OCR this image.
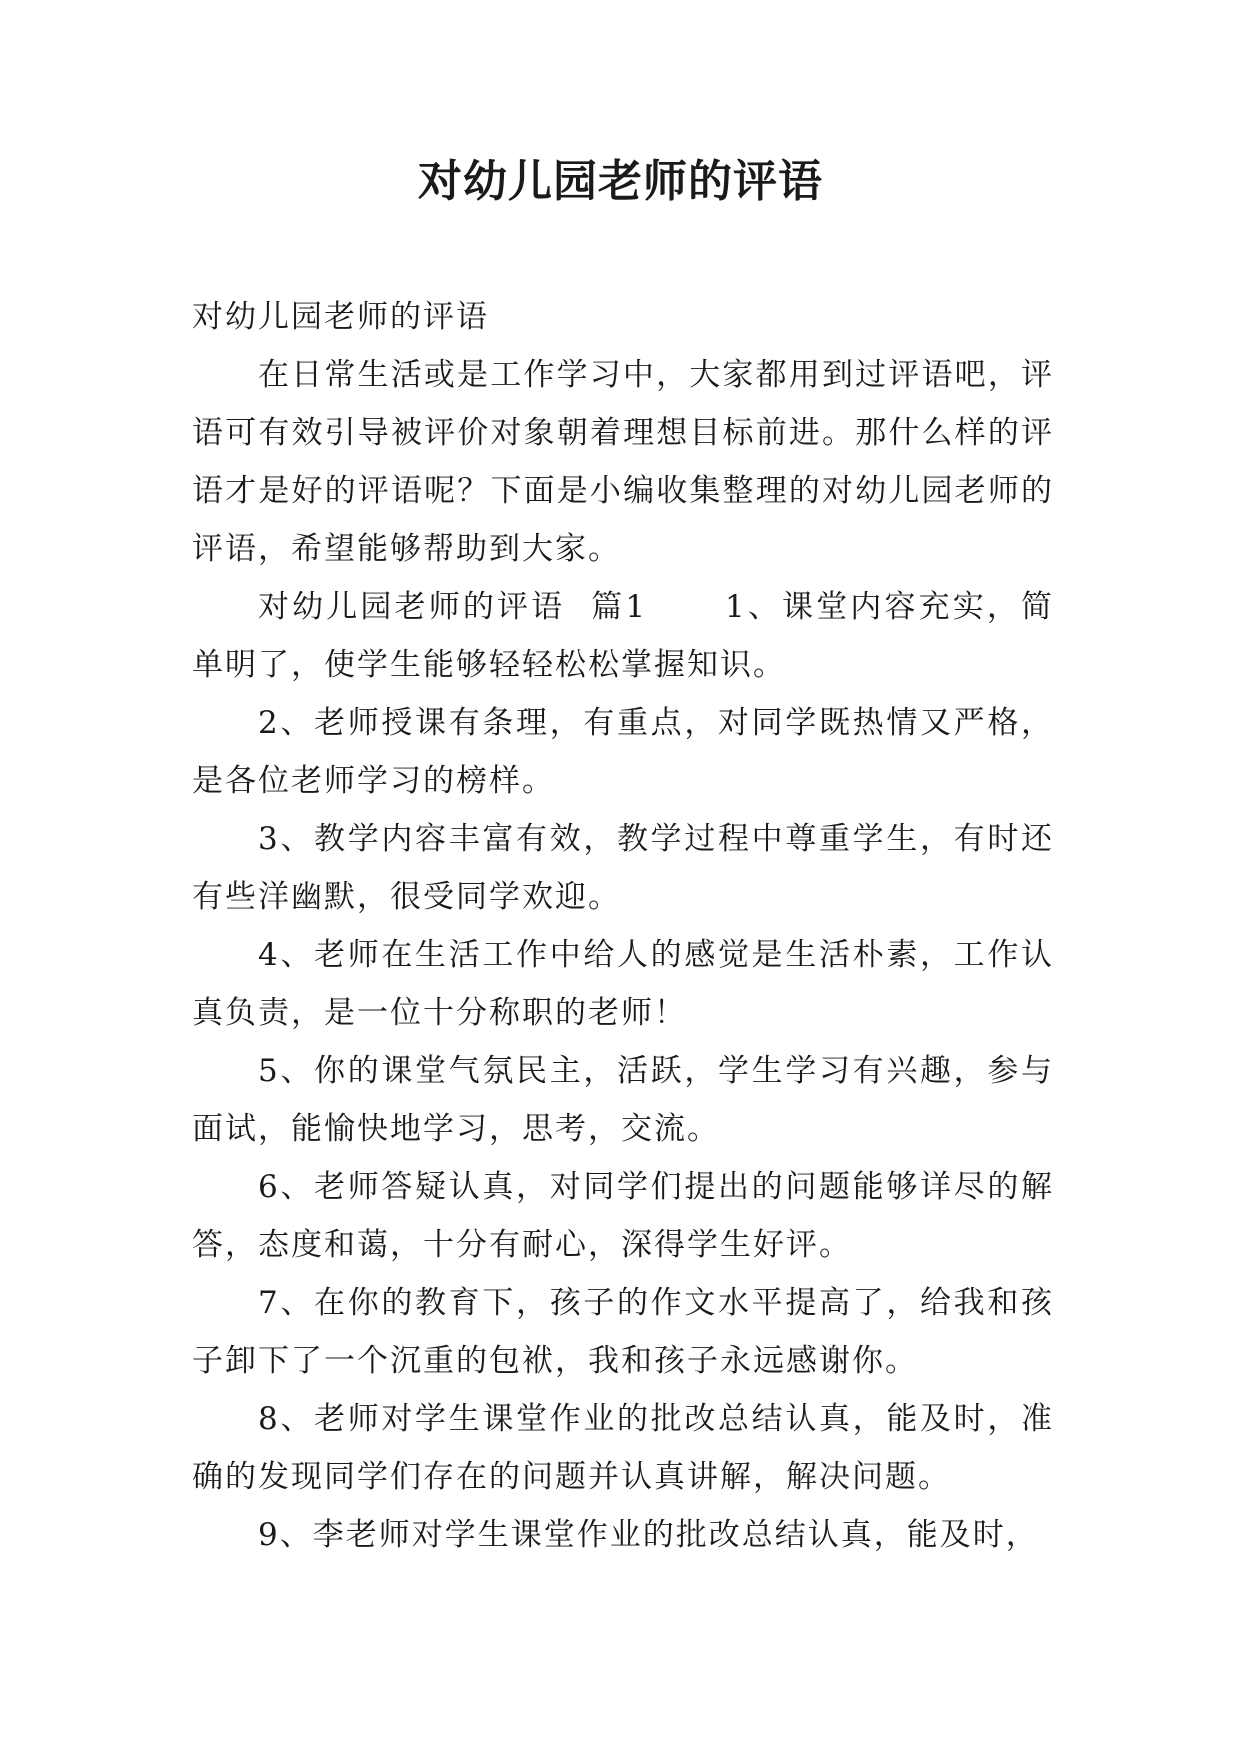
对幼儿园老师的评语

对幼儿园老师的评语

在日常生活或是工作学习中，大家都用到过评语吧，评语可有效引导被评价对象朝着理想目标前进。那什么样的评语才是好的评语呢？下面是小编收集整理的对幼儿园老师的评语，希望能够帮助到大家。

对幼儿园老师的评语  篇1      1、课堂内容充实，简单明了，使学生能够轻轻松松掌握知识。

2、老师授课有条理，有重点，对同学既热情又严格，是各位老师学习的榜样。

3、教学内容丰富有效，教学过程中尊重学生，有时还有些洋幽默，很受同学欢迎。

4、老师在生活工作中给人的感觉是生活朴素，工作认真负责，是一位十分称职的老师！

5、你的课堂气氛民主，活跃，学生学习有兴趣，参与面试，能愉快地学习，思考，交流。

6、老师答疑认真，对同学们提出的问题能够详尽的解答，态度和蔼，十分有耐心，深得学生好评。

7、在你的教育下，孩子的作文水平提高了，给我和孩子卸下了一个沉重的包袱，我和孩子永远感谢你。

8、老师对学生课堂作业的批改总结认真，能及时，准确的发现同学们存在的问题并认真讲解，解决问题。

9、李老师对学生课堂作业的批改总结认真，能及时，
